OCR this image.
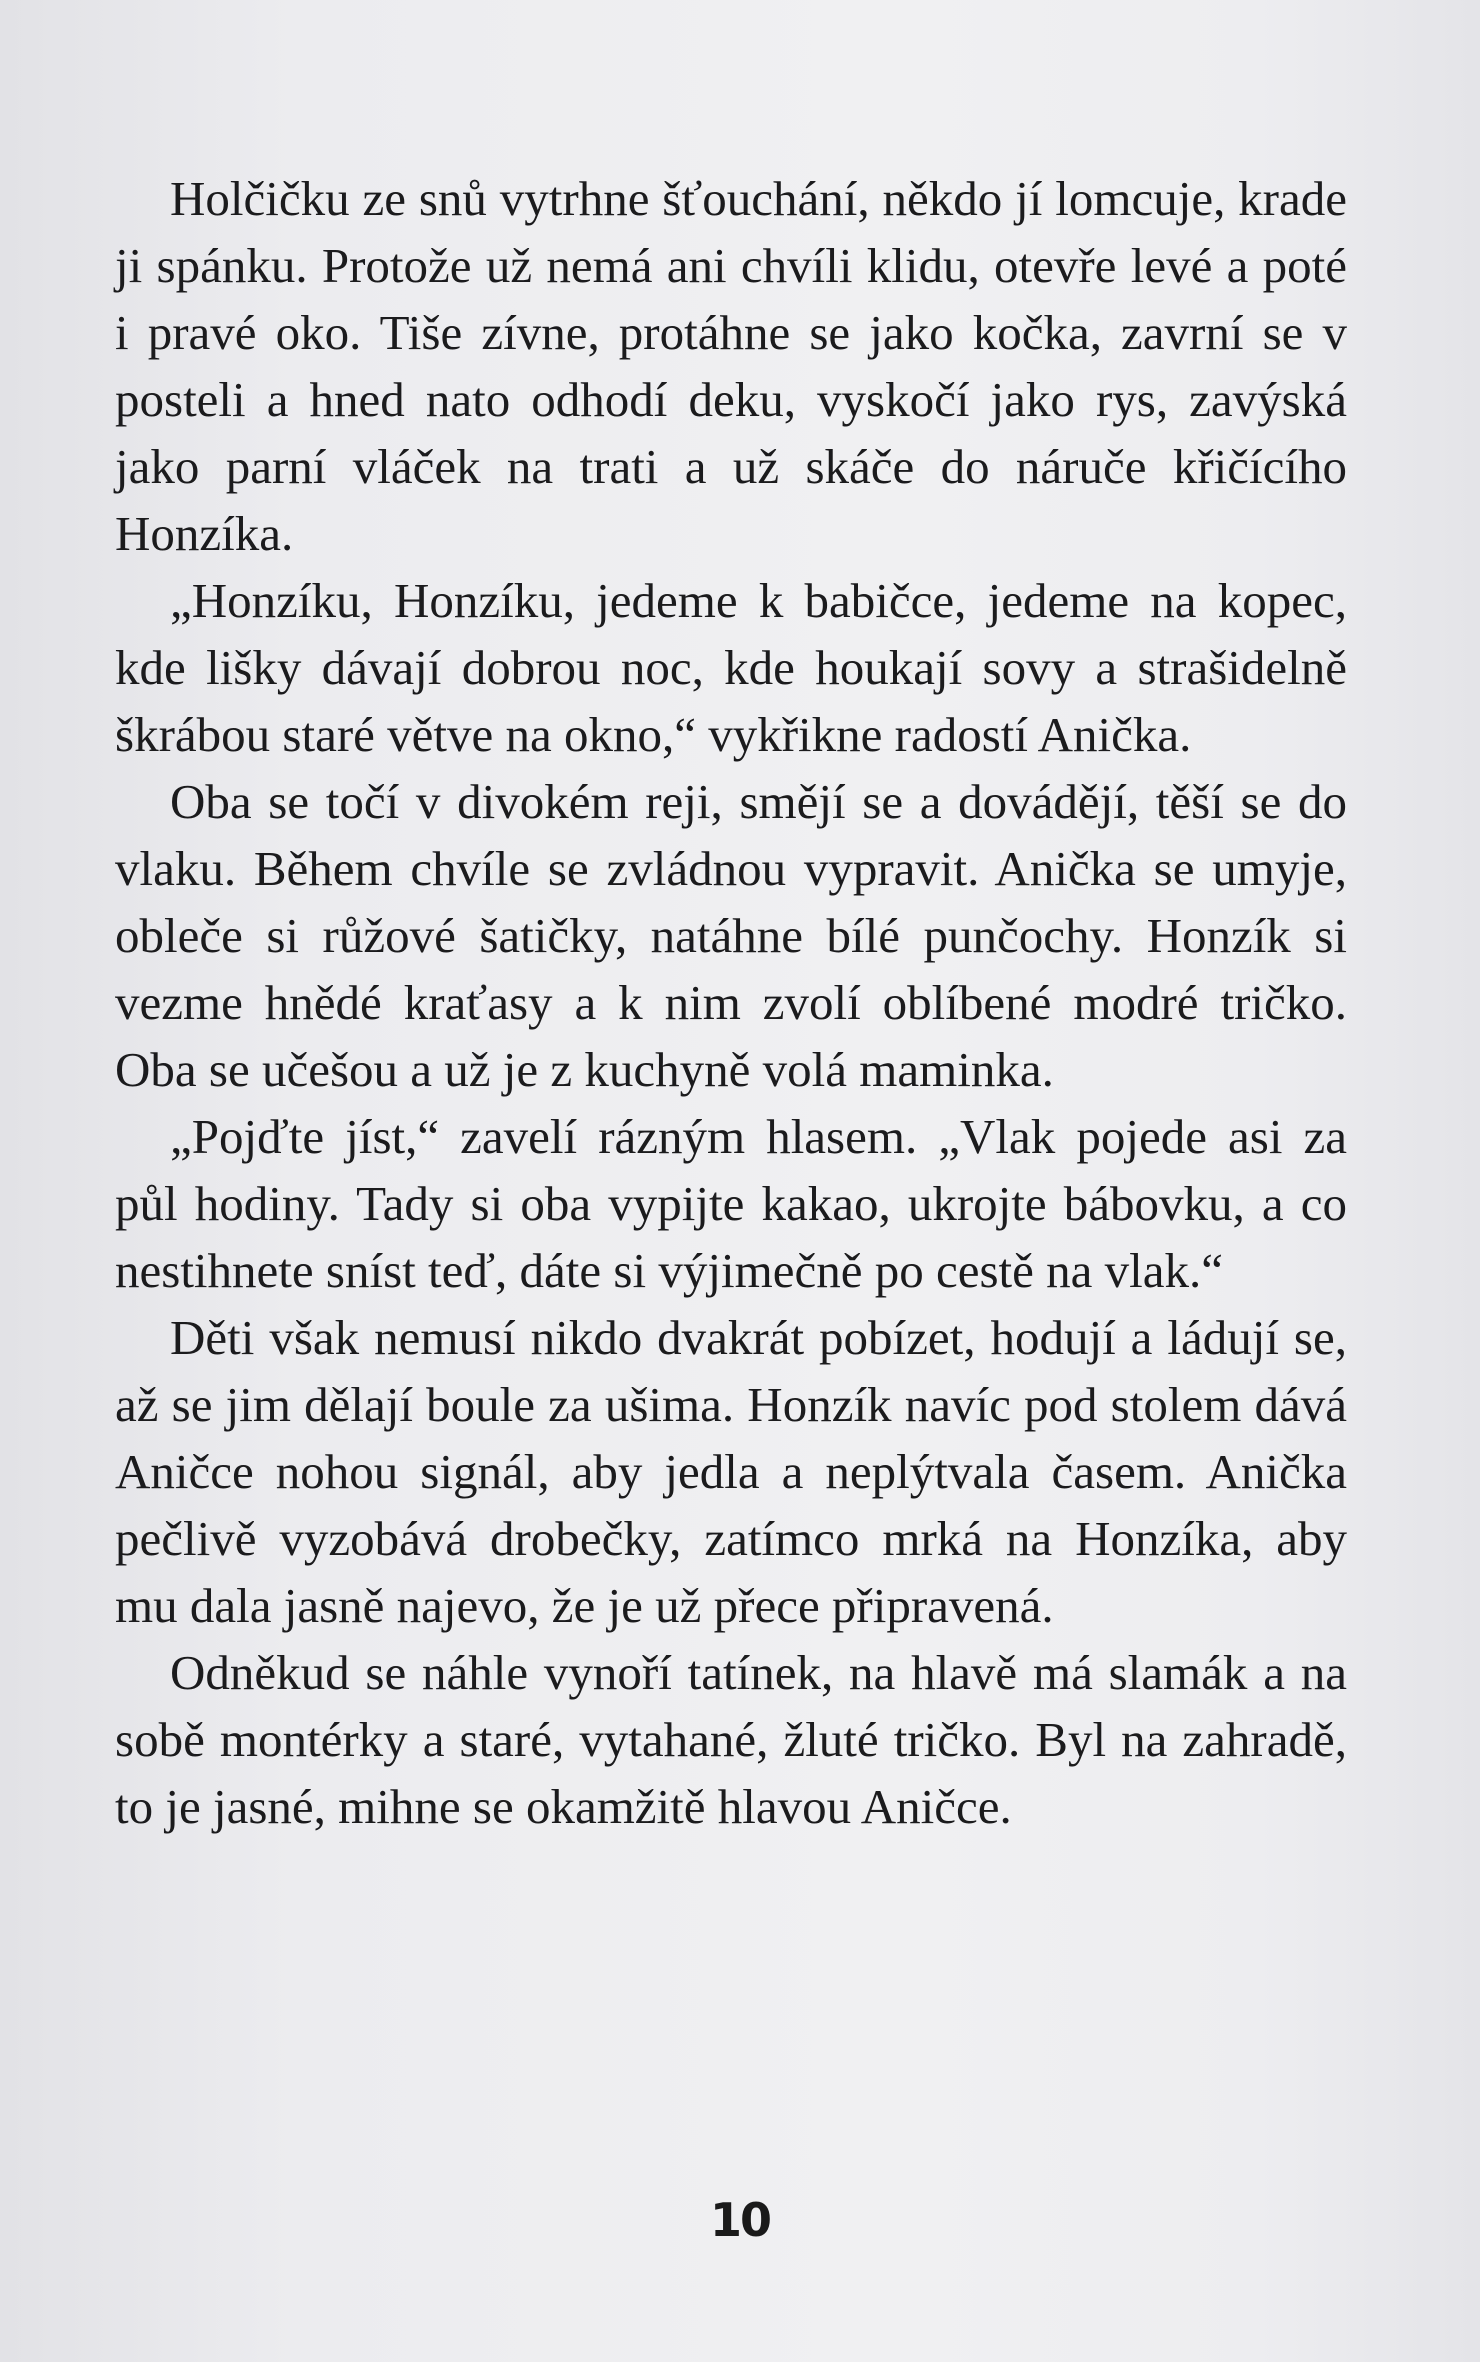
Holčičku ze snů vytrhne šťouchání, někdo jí lomcuje, krade ji spánku. Protože už nemá ani chvíli klidu, otevře levé a poté i pravé oko. Tiše zívne, protáhne se jako kočka, zavrní se v posteli a hned nato odhodí deku, vyskočí jako rys, zavýská jako parní vláček na trati a už skáče do náruče křičícího Honzíka.

„Honzíku, Honzíku, jedeme k babičce, jedeme na kopec, kde lišky dávají dobrou noc, kde houkají sovy a strašidelně škrábou staré větve na okno,“ vykřikne radostí Anička.

Oba se točí v divokém reji, smějí se a dovádějí, těší se do vlaku. Během chvíle se zvládnou vypravit. Anička se umyje, obleče si růžové šatičky, natáhne bílé punčochy. Honzík si vezme hnědé kraťasy a k nim zvolí oblíbené modré tričko. Oba se učešou a už je z kuchyně volá maminka.

„Pojďte jíst,“ zavelí rázným hlasem. „Vlak pojede asi za půl hodiny. Tady si oba vypijte kakao, ukrojte bábovku, a co nestihnete sníst teď, dáte si výjimečně po cestě na vlak.“

Děti však nemusí nikdo dvakrát pobízet, hodují a ládují se, až se jim dělají boule za ušima. Honzík navíc pod stolem dává Aničce nohou signál, aby jedla a neplýtvala časem. Anička pečlivě vyzobává drobečky, zatímco mrká na Honzíka, aby mu dala jasně najevo, že je už přece připravená.

Odněkud se náhle vynoří tatínek, na hlavě má slamák a na sobě montérky a staré, vytahané, žluté tričko. Byl na zahradě, to je jasné, mihne se okamžitě hlavou Aničce.

10
